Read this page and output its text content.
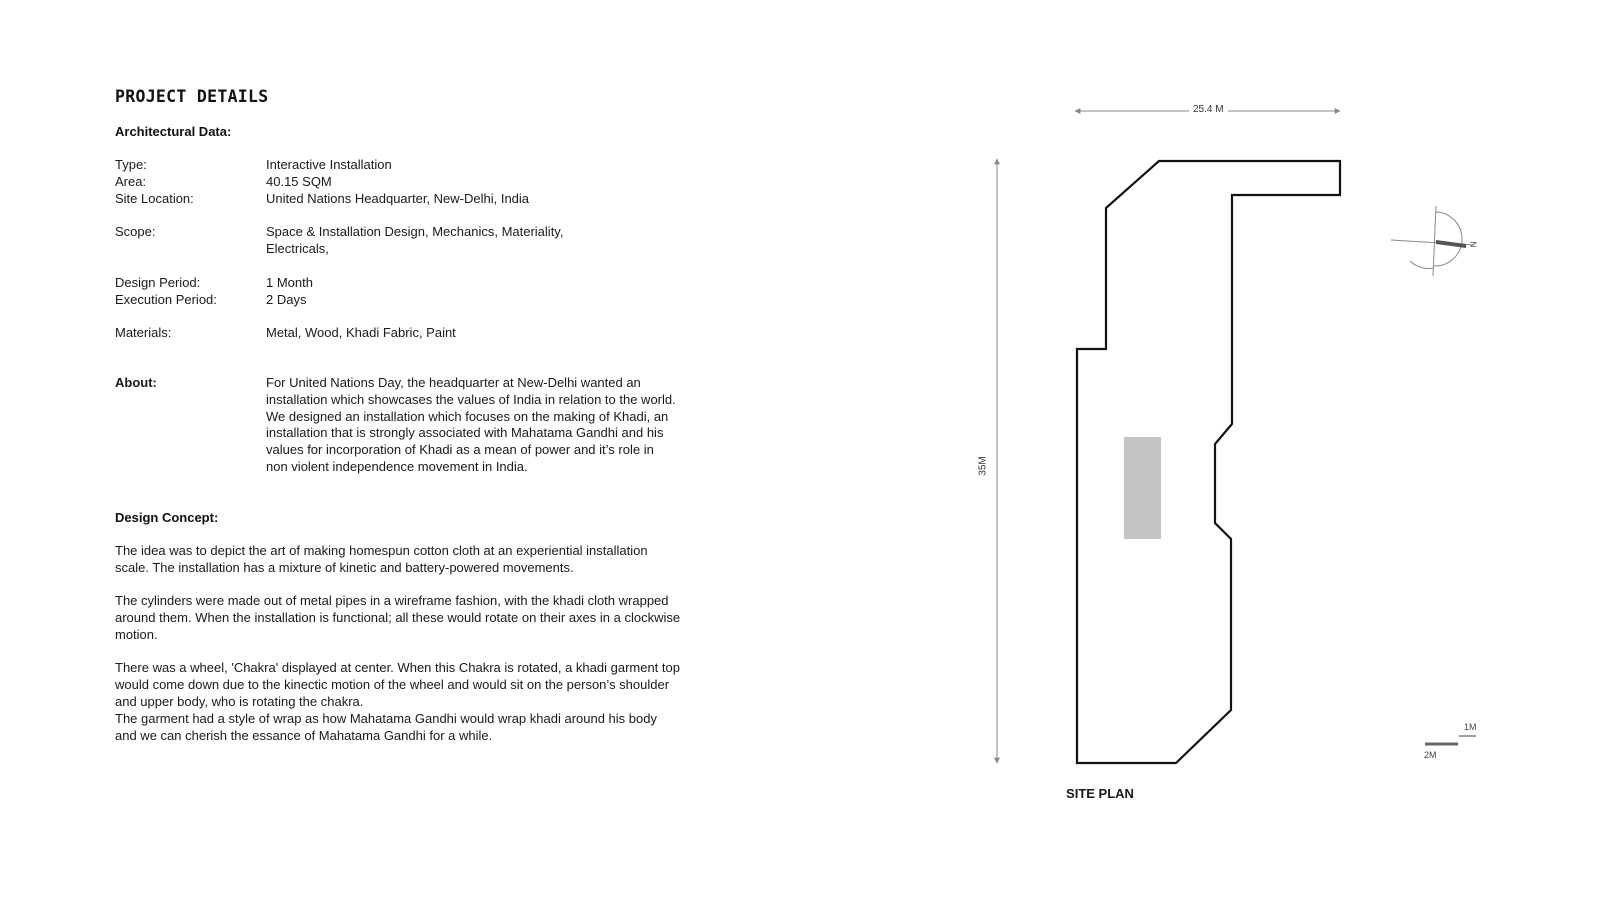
PROJECT DETAILS
Architectural Data:
Type:	Interactive Installation
Area:	40.15 SQM
Site Location:	United Nations Headquarter, New-Delhi, India
Scope:	Space & Installation Design, Mechanics, Materiality,
Electricals,
Design Period:	1 Month
Execution Period:	2 Days
Materials:	Metal, Wood, Khadi Fabric, Paint
About:	For United Nations Day, the headquarter at New-Delhi wanted an installation which showcases the values of India in relation to the world. We designed an installation which focuses on the making of Khadi, an installation that is strongly associated with Mahatama Gandhi and his values for incorporation of Khadi as a mean of power and it’s role in non violent independence movement in India.
Design Concept:
The idea was to depict the art of making homespun cotton cloth at an experiential installation scale. The installation has a mixture of kinetic and battery-powered movements.
The cylinders were made out of metal pipes in a wireframe fashion, with the khadi cloth wrapped around them. When the installation is functional; all these would rotate on their axes in a clockwise motion.
There was a wheel, 'Chakra' displayed at center. When this Chakra is rotated, a khadi garment top would come down due to the kinectic motion of the wheel and would sit on the person’s shoulder and upper body, who is rotating the chakra.
The garment had a style of wrap as how Mahatama Gandhi would wrap khadi around his body and we can cherish the essance of Mahatama Gandhi for a while.
25.4 M
35M
N
1M
2M
SITE PLAN
